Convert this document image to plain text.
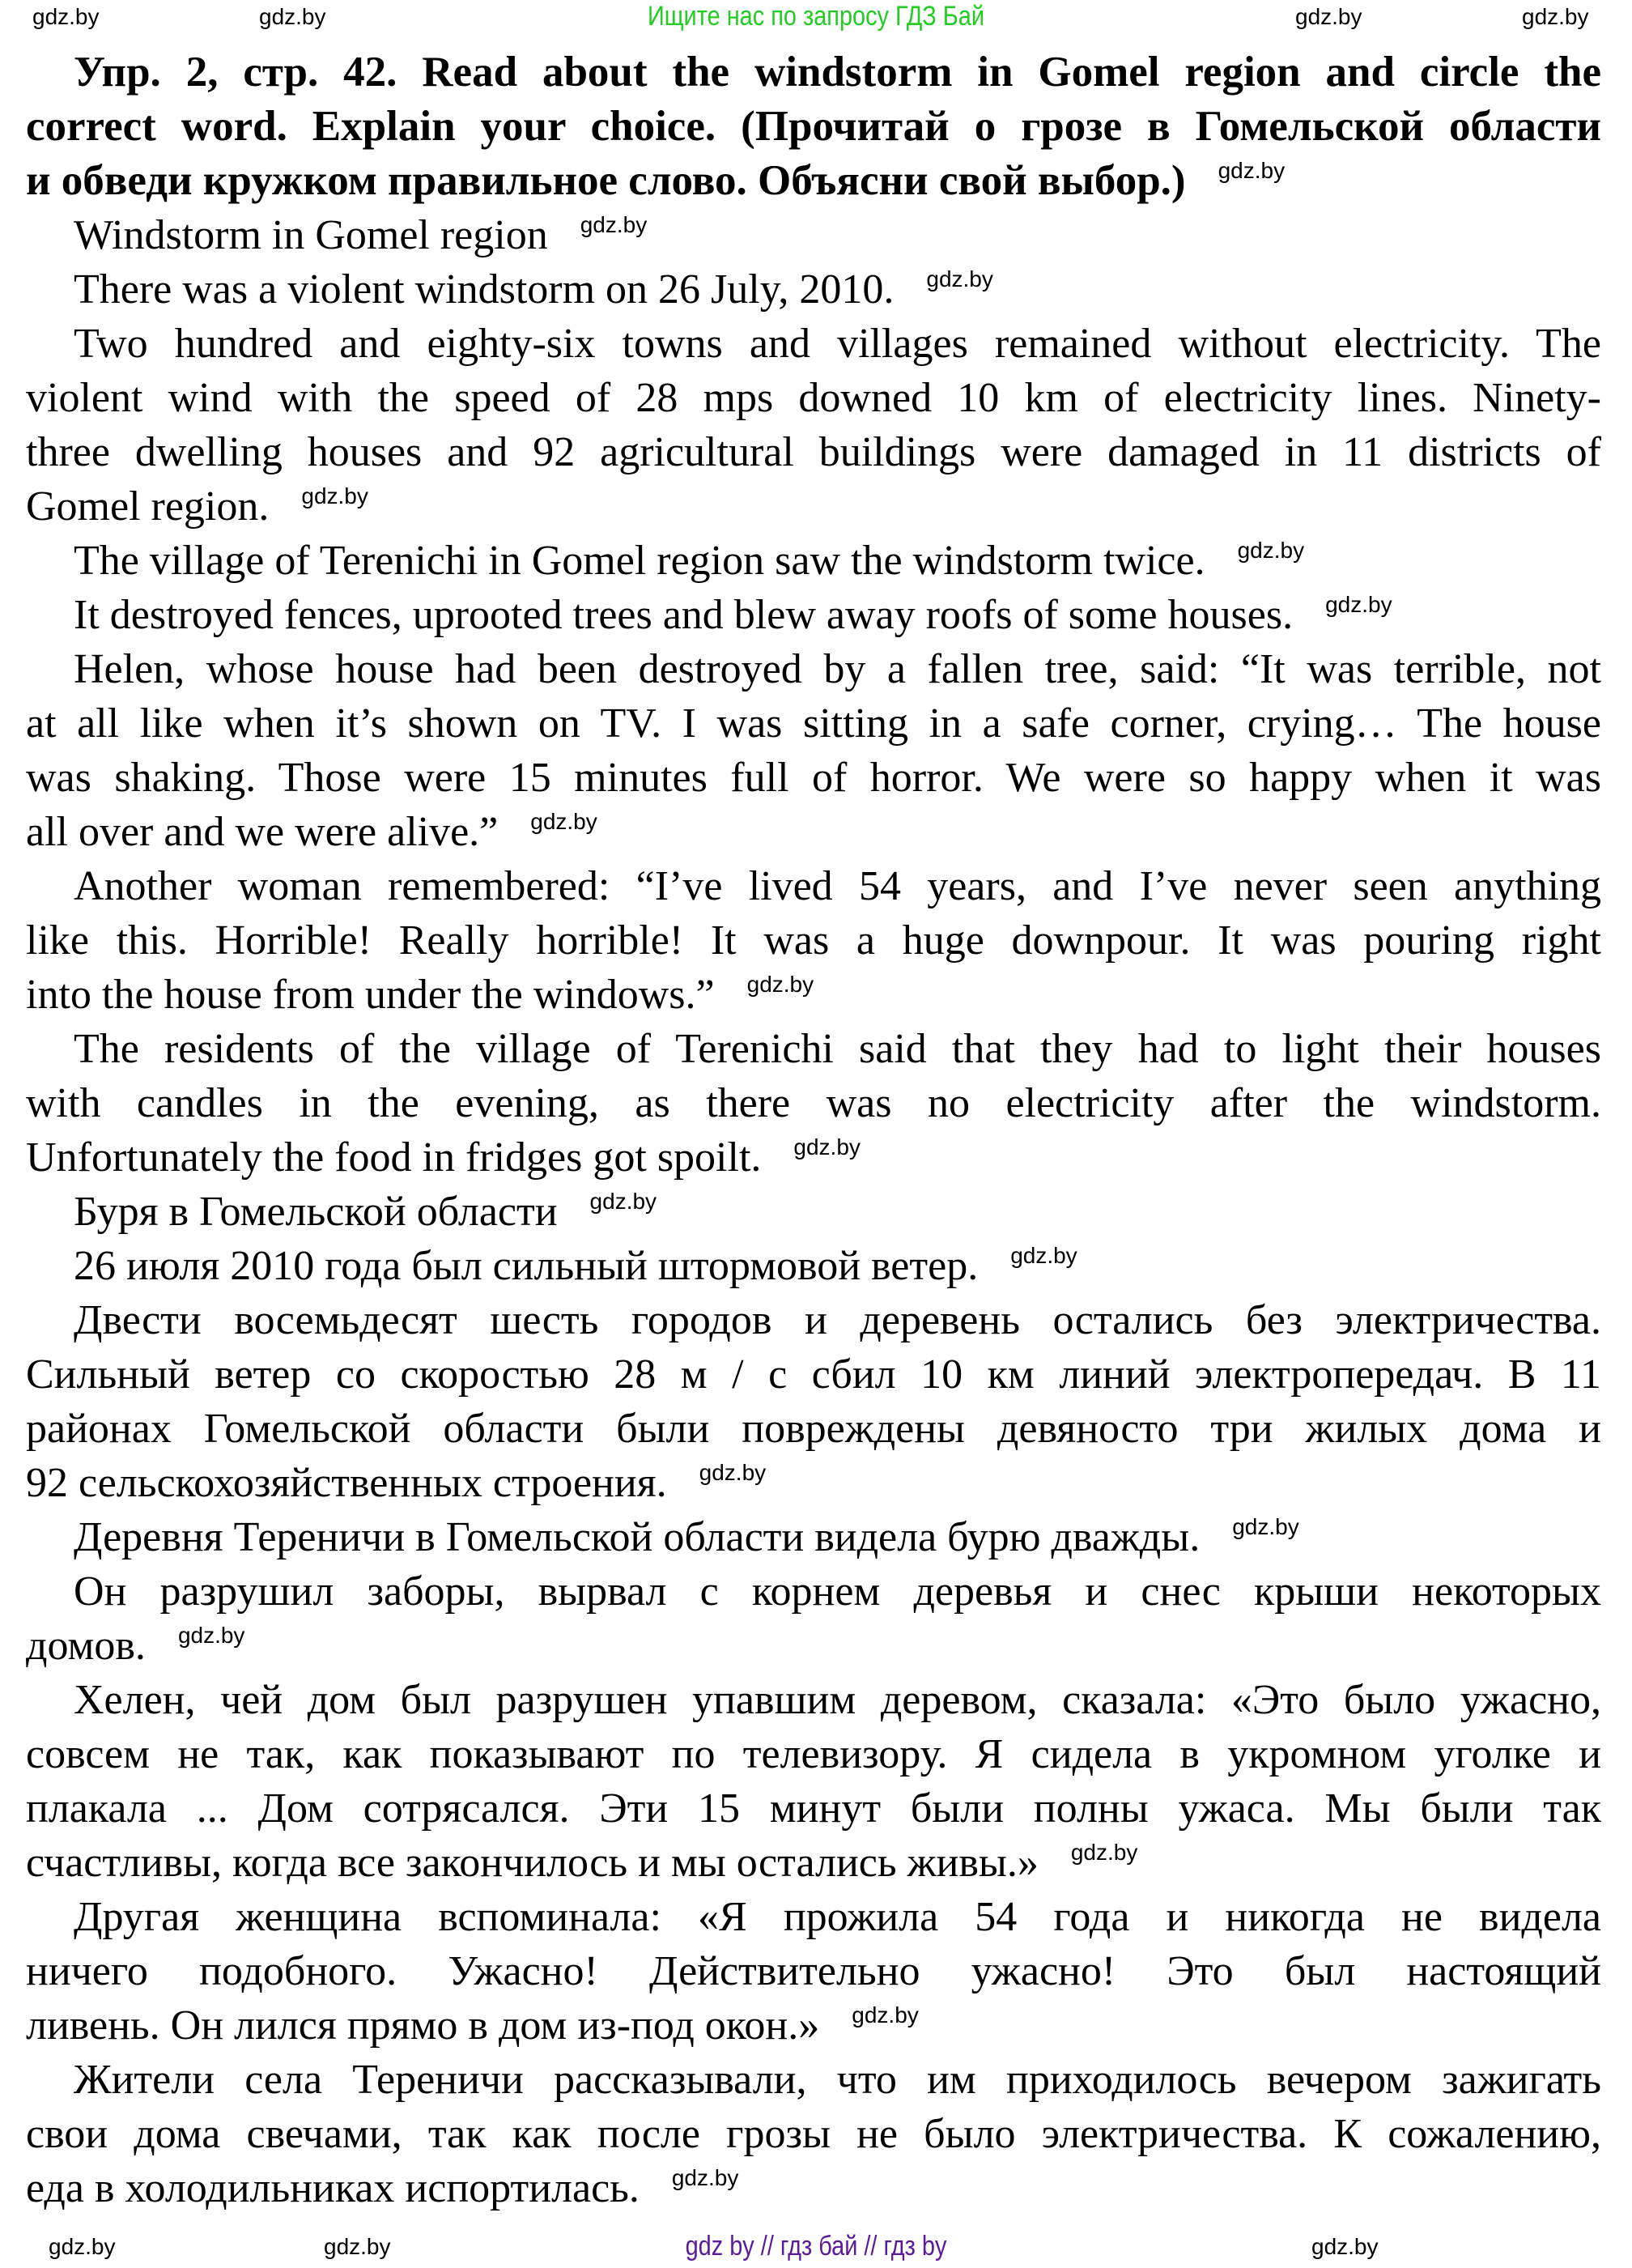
Ищите нас по запросу ГДЗ Бай
Упр. 2, стр. 42. Read about the windstorm in Gomel region and circle the
correct word. Explain your choice. (Прочитай о грозе в Гомельской области
и обведи кружком правильное слово. Объясни свой выбор.) gdz.by
Windstorm in Gomel region gdz.by
There was a violent windstorm on 26 July, 2010. gdz.by
Two hundred and eighty-six towns and villages remained without electricity. The
violent wind with the speed of 28 mps downed 10 km of electricity lines. Ninety-
three dwelling houses and 92 agricultural buildings were damaged in 11 districts of
Gomel region. gdz.by
The village of Terenichi in Gomel region saw the windstorm twice. gdz.by
It destroyed fences, uprooted trees and blew away roofs of some houses. gdz.by
Helen, whose house had been destroyed by a fallen tree, said: “It was terrible, not
at all like when it’s shown on TV. I was sitting in a safe corner, crying… The house
was shaking. Those were 15 minutes full of horror. We were so happy when it was
all over and we were alive.” gdz.by
Another woman remembered: “I’ve lived 54 years, and I’ve never seen anything
like this. Horrible! Really horrible! It was a huge downpour. It was pouring right
into the house from under the windows.” gdz.by
The residents of the village of Terenichi said that they had to light their houses
with candles in the evening, as there was no electricity after the windstorm.
Unfortunately the food in fridges got spoilt. gdz.by
Буря в Гомельской области gdz.by
26 июля 2010 года был сильный штормовой ветер. gdz.by
Двести восемьдесят шесть городов и деревень остались без электричества.
Сильный ветер со скоростью 28 м / с сбил 10 км линий электропередач. В 11
районах Гомельской области были повреждены девяносто три жилых дома и
92 сельскохозяйственных строения. gdz.by
Деревня Тереничи в Гомельской области видела бурю дважды. gdz.by
Он разрушил заборы, вырвал с корнем деревья и снес крыши некоторых
домов. gdz.by
Хелен, чей дом был разрушен упавшим деревом, сказала: «Это было ужасно,
совсем не так, как показывают по телевизору. Я сидела в укромном уголке и
плакала ... Дом сотрясался. Эти 15 минут были полны ужаса. Мы были так
счастливы, когда все закончилось и мы остались живы.» gdz.by
Другая женщина вспоминала: «Я прожила 54 года и никогда не видела
ничего подобного. Ужасно! Действительно ужасно! Это был настоящий
ливень. Он лился прямо в дом из-под окон.» gdz.by
Жители села Тереничи рассказывали, что им приходилось вечером зажигать
свои дома свечами, так как после грозы не было электричества. К сожалению,
еда в холодильниках испортилась. gdz.by
gdz by // гдз бай // гдз by
gdz.by	gdz.by	gdz.by	gdz.by
gdz.by	gdz.by	gdz.by
